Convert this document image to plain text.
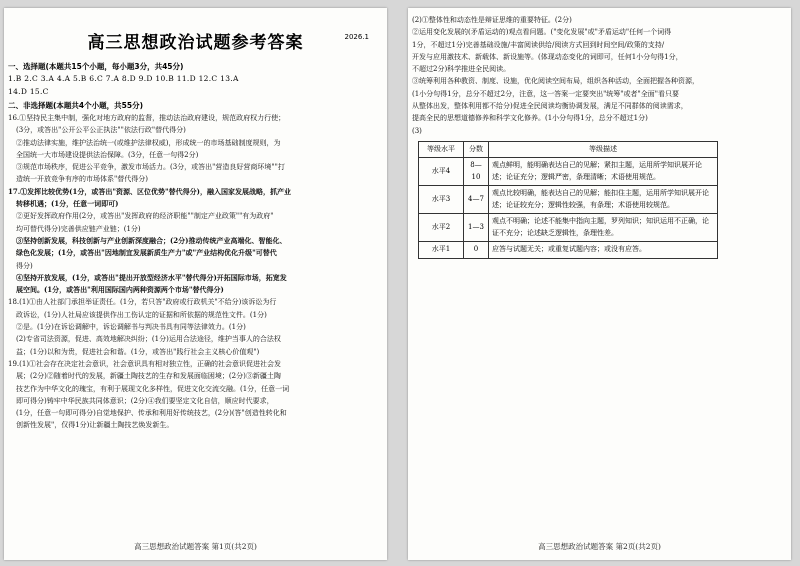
高三思想政治试题参考答案	2026.1
一、选择题(本题共15个小题，每小题3分，共45分)
1.B 2.C 3.A 4.A 5.B 6.C 7.A 8.D 9.D 10.B 11.D 12.C 13.A
14.D 15.C
二、非选择题(本题共4个小题，共55分)
16.①坚持民主集中制，强化对地方政府的监督，推动法治政府建设，规范政府权力行使；
(3分，或答出"公开公平公正执法""依法行政"替代得分)
②推动法律实施，维护法治统一(或维护法律权威)，形成统一的市场基础制度规则，为
全国统一大市场建设提供法治保障。(3分，任意一句得2分)
③规范市场秩序，促进公平竞争，激发市场活力。(3分，或答出"营造良好营商环境""打
造统一开放竞争有序的市场体系"替代得分)
17.①发挥比较优势(1分，或答出"资源、区位优势"替代得分)，融入国家发展战略，抓产业
转移机遇；(1分，任意一词即可)
②更好发挥政府作用(2分，或答出"发挥政府的经济职能""制定产业政策""有为政府"
均可替代得分)完善供应链产业链；(1分)
③坚持创新发展，科技创新与产业创新深度融合；(2分)推动传统产业高端化、智能化、
绿色化发展；(1分，或答出"因地制宜发展新质生产力"或"产业结构优化升级"可替代
得分)
④坚持开放发展，(1分，或答出"提出开放型经济水平"替代得分)开拓国际市场，拓宽发
展空间。(1分，或答出"利用国际国内两种资源两个市场"替代得分)
18.(1)①由人社部门承担举证责任。(1分，若只答"政府或行政机关"不给分)该诉讼为行
政诉讼，(1分)人社局应该提供作出工伤认定的证据和所依据的规范性文件。(1分)
②是。(1分)在诉讼调解中，诉讼调解书与判决书具有同等法律效力。(1分)
(2)专省司法资源，促进、高效地解决纠纷；(1分)运用合法途径，维护当事人的合法权
益；(1分)以和为贵，促进社会和谐。(1分，或答出"践行社会主义核心价值观")
19.(1)①社会存在决定社会意识，社会意识具有相对独立性，正确的社会意识促进社会发
展；(2分)②随着时代的发展，新疆土陶技艺的生存和发展面临困境；(2分)③新疆土陶
技艺作为中华文化的瑰宝，有利于展现文化多样性，促进文化交流交融。(1分，任意一词
即可得分)铸牢中华民族共同体意识；(2分)④我们要坚定文化自信，顺应时代要求，
(1分，任意一句即可得分)自觉地保护、传承和利用好传统技艺，(2分)(答"创造性转化和
创新性发展"，仅得1分)让新疆土陶技艺焕发新生。
高三思想政治试题答案 第1页(共2页)
(2)①整体性和动态性是辩证思维的重要特征。(2分)
②运用变化发展的(矛盾运动的)观点看问题。("变化发展"或"矛盾运动"任何一个词得
1分，不超过1分)完善基础设施/丰富阅读供给/阅读方式回到时间空间/政策的支持/
开发与应用激技术、新载体、新设施等。(体现动态变化的词即可，任何1小分句得1分，
不超过2分)科学推进全民阅读。
③统筹利用各种教资、制度、设施，优化阅读空间布局，组织各种活动，全面把握各种资源，
(1小分句得1分，总分不超过2分，注意，这一答案一定要突出"统筹"或者"全面"看只要
从整体出发，整体利用都不给分)促进全民阅读均衡协调发展，满足不同群体的阅读需求，
提高全民的思想道德修养和科学文化修养。(1小分句得1分，总分不超过1分)
(3)
等级水平	分数	等级描述
水平4	8—10	观点鲜明，能明确表达自己的见解；紧扣主题，运用所学知识展开论述；论证充分；逻辑严密，条理清晰；术语使用规范。
水平3	4—7	观点比较明确，能表达自己的见解；能扣住主题，运用所学知识展开论述；论证较充分；逻辑性较强，有条理；术语使用较规范。
水平2	1—3	观点不明确；论述不能集中指向主题，罗列知识；知识运用不正确，论证不充分；论述缺乏逻辑性，条理性差。
水平1	0	应答与试题无关；或重复试题内容；或没有应答。
高三思想政治试题答案 第2页(共2页)
